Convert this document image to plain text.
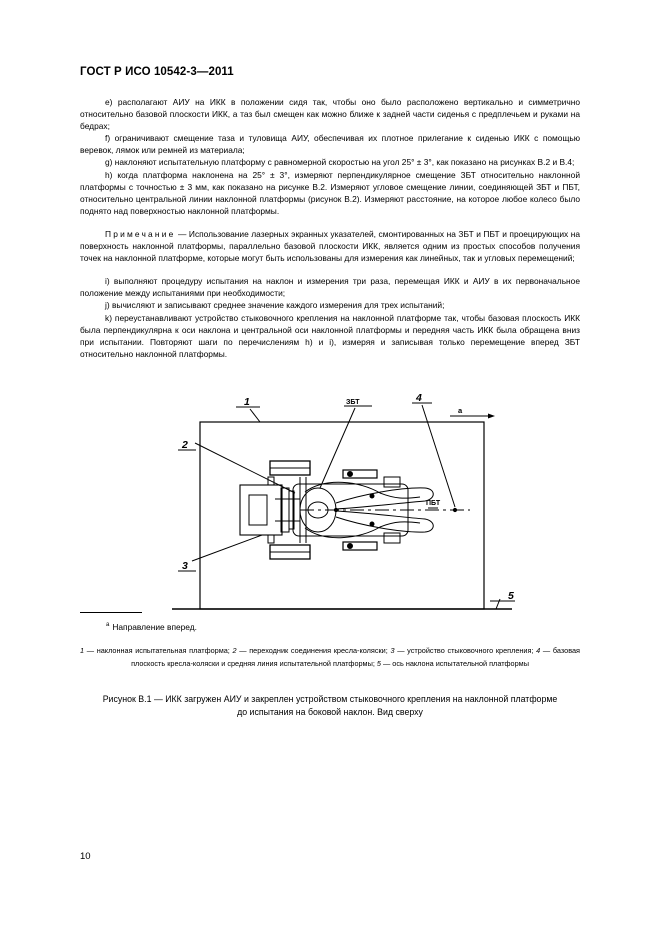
ГОСТ Р ИСО 10542-3—2011

e) располагают АИУ на ИКК в положении сидя так, чтобы оно было расположено вертикально и симметрично относительно базовой плоскости ИКК, а таз был смещен как можно ближе к задней части сиденья с предплечьем и руками на бедрах;

f) ограничивают смещение таза и туловища АИУ, обеспечивая их плотное прилегание к сиденью ИКК с помощью веревок, лямок или ремней из материала;

g) наклоняют испытательную платформу с равномерной скоростью на угол 25° ± 3°, как показано на рисунках В.2 и В.4;

h) когда платформа наклонена на 25° ± 3°, измеряют перпендикулярное смещение ЗБТ относительно наклонной платформы с точностью ± 3 мм, как показано на рисунке В.2. Измеряют угловое смещение линии, соединяющей ЗБТ и ПБТ, относительно центральной линии наклонной платформы (рисунок В.2). Измеряют расстояние, на которое любое колесо было поднято над поверхностью наклонной платформы.

Примечание — Использование лазерных экранных указателей, смонтированных на ЗБТ и ПБТ и проецирующих на поверхность наклонной платформы, параллельно базовой плоскости ИКК, является одним из простых способов получения точек на наклонной платформе, которые могут быть использованы для измерения как линейных, так и угловых перемещений;

i) выполняют процедуру испытания на наклон и измерения три раза, перемещая ИКК и АИУ в их первоначальное положение между испытаниями при необходимости;

j) вычисляют и записывают среднее значение каждого измерения для трех испытаний;

k) переустанавливают устройство стыковочного крепления на наклонной платформе так, чтобы базовая плоскость ИКК была перпендикулярна к оси наклона и центральной оси наклонной платформы и передняя часть ИКК была обращена вниз при испытании. Повторяют шаги по перечислениям h) и i), измеряя и записывая только перемещение вперед ЗБТ относительно наклонной платформы.

1
2
3
4
5
ЗБТ
ПБТ
a
$^a$ Направление вперед.
1 — наклонная испытательная платформа; 2 — переходник соединения кресла-коляски; 3 — устройство стыковочного крепления; 4 — базовая плоскость кресла-коляски и средняя линия испытательной платформы; 5 — ось наклона испытательной платформы
Рисунок В.1 — ИКК загружен АИУ и закреплен устройством стыковочного крепления на наклонной платформе
до испытания на боковой наклон. Вид сверху
10
